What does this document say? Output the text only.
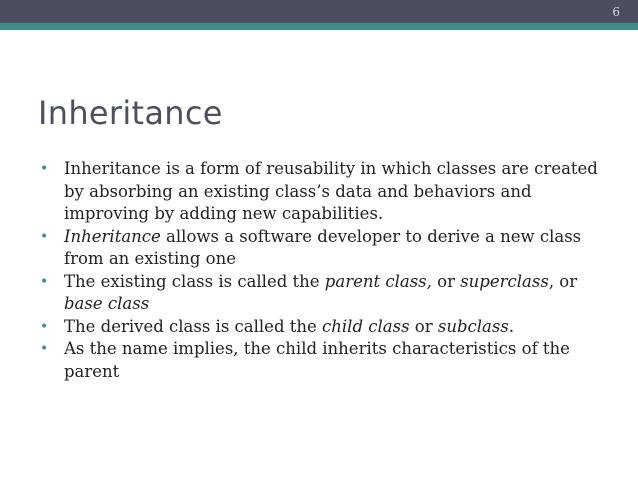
6
Inheritance
• Inheritance is a form of reusability in which classes are created by absorbing an existing class’s data and behaviors and improving by adding new capabilities.
• Inheritance allows a software developer to derive a new class from an existing one
• The existing class is called the parent class, or superclass, or base class
• The derived class is called the child class or subclass.
• As the name implies, the child inherits characteristics of the parent
